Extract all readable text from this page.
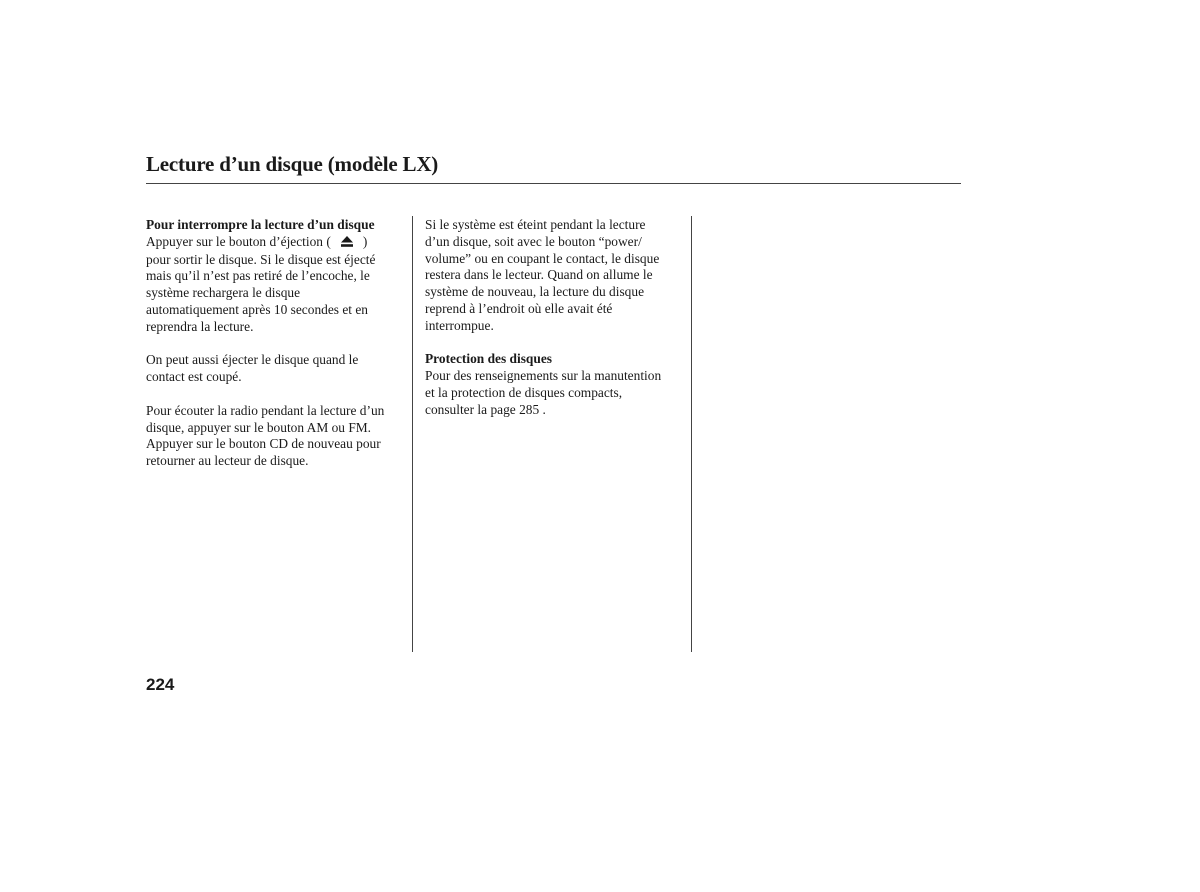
Lecture d’un disque (modèle LX)
Pour interrompre la lecture d’un disque

Appuyer sur le bouton d’éjection ( )
pour sortir le disque. Si le disque est éjecté
mais qu’il n’est pas retiré de l’encoche, le
système rechargera le disque
automatiquement après 10 secondes et en
reprendra la lecture.

On peut aussi éjecter le disque quand le
contact est coupé.

Pour écouter la radio pendant la lecture d’un
disque, appuyer sur le bouton AM ou FM.
Appuyer sur le bouton CD de nouveau pour
retourner au lecteur de disque.

Si le système est éteint pendant la lecture
d’un disque, soit avec le bouton “power/
volume” ou en coupant le contact, le disque
restera dans le lecteur. Quand on allume le
système de nouveau, la lecture du disque
reprend à l’endroit où elle avait été
interrompue.

Protection des disques

Pour des renseignements sur la manutention
et la protection de disques compacts,
consulter la page 285 .

224
